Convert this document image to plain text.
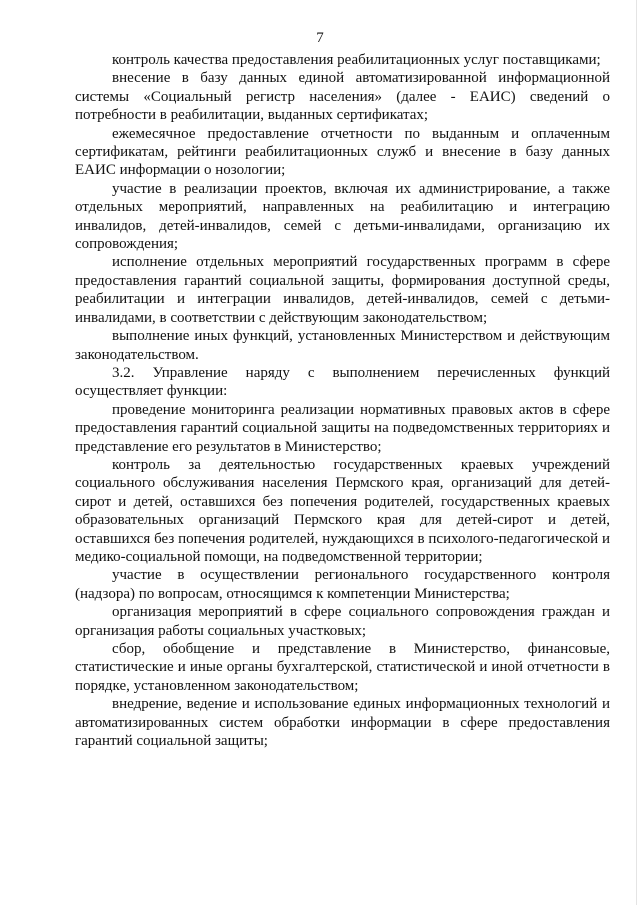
7

контроль качества предоставления реабилитационных услуг поставщиками;

внесение в базу данных единой автоматизированной информационной системы «Социальный регистр населения» (далее - ЕАИС) сведений о потребности в реабилитации, выданных сертификатах;

ежемесячное предоставление отчетности по выданным и оплаченным сертификатам, рейтинги реабилитационных служб и внесение в базу данных ЕАИС информации о нозологии;

участие в реализации проектов, включая их администрирование, а также отдельных мероприятий, направленных на реабилитацию и интеграцию инвалидов, детей-инвалидов, семей с детьми-инвалидами, организацию их сопровождения;

исполнение отдельных мероприятий государственных программ в сфере предоставления гарантий социальной защиты, формирования доступной среды, реабилитации и интеграции инвалидов, детей-инвалидов, семей с детьми-инвалидами, в соответствии с действующим законодательством;

выполнение иных функций, установленных Министерством и действующим законодательством.

3.2. Управление наряду с выполнением перечисленных функций осуществляет функции:

проведение мониторинга реализации нормативных правовых актов в сфере предоставления гарантий социальной защиты на подведомственных территориях и представление его результатов в Министерство;

контроль за деятельностью государственных краевых учреждений социального обслуживания населения Пермского края, организаций для детей-сирот и детей, оставшихся без попечения родителей, государственных краевых образовательных организаций Пермского края для детей-сирот и детей, оставшихся без попечения родителей, нуждающихся в психолого-педагогической и медико-социальной помощи, на подведомственной территории;

участие в осуществлении регионального государственного контроля (надзора) по вопросам, относящимся к компетенции Министерства;

организация мероприятий в сфере социального сопровождения граждан и организация работы социальных участковых;

сбор, обобщение и представление в Министерство, финансовые, статистические и иные органы бухгалтерской, статистической и иной отчетности в порядке, установленном законодательством;

внедрение, ведение и использование единых информационных технологий и автоматизированных систем обработки информации в сфере предоставления гарантий социальной защиты;
